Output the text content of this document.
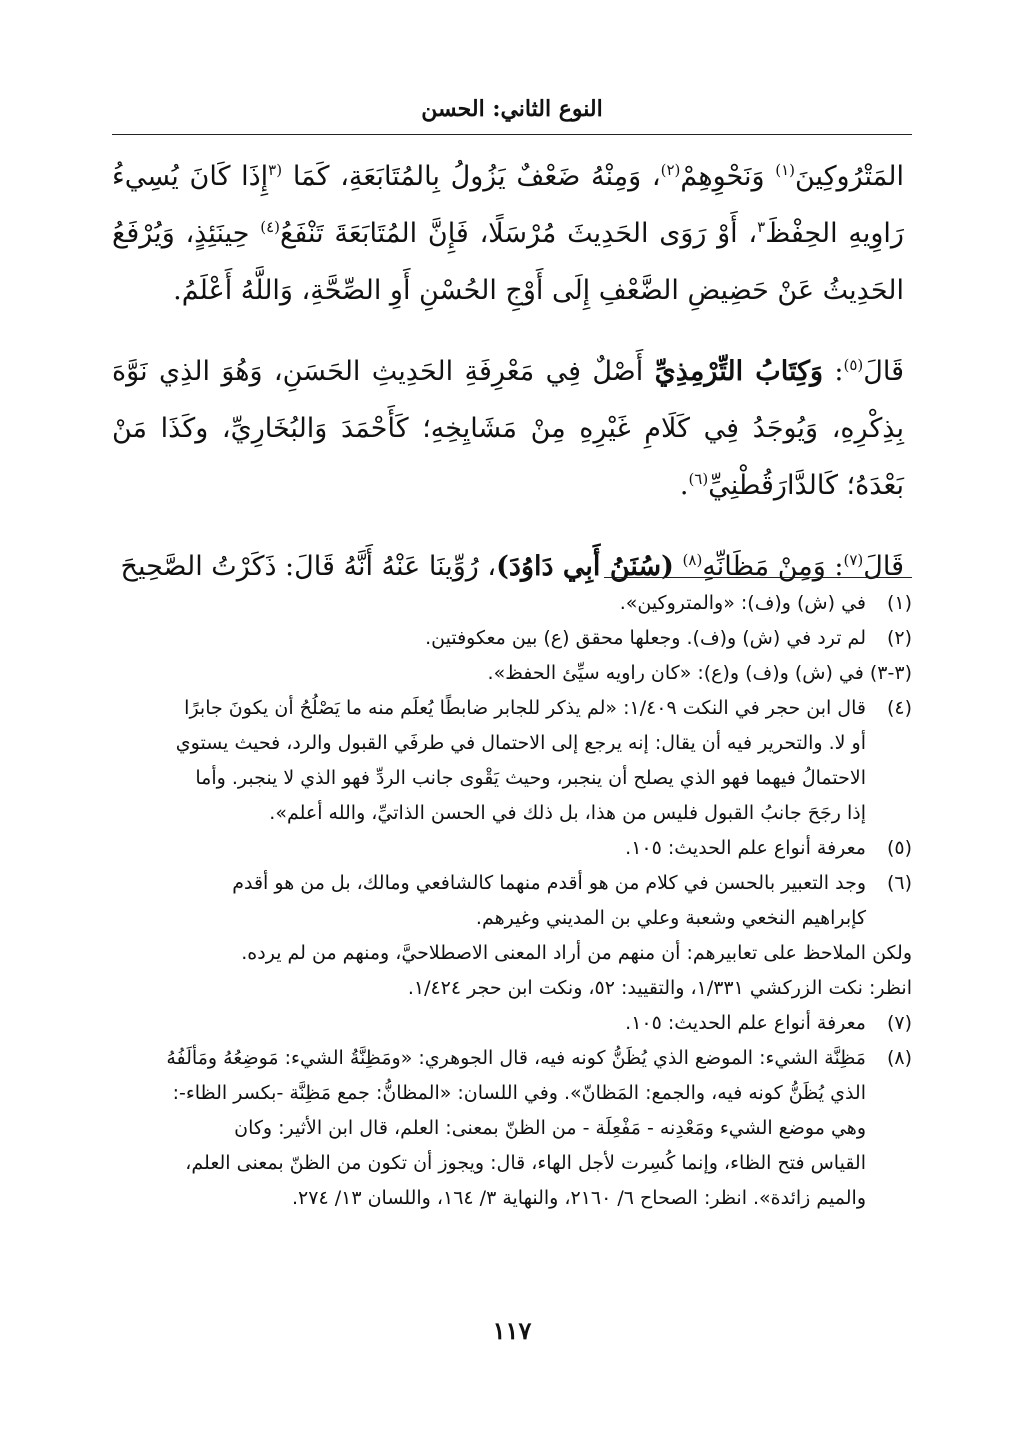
النوع الثاني: الحسن

المَتْرُوكِينَ$^{(١)}$ وَنَحْوِهِمْ$^{(٢)}$، وَمِنْهُ ضَعْفٌ يَزُولُ بِالمُتَابَعَةِ، كَمَا $^{(٣}$إِذَا كَانَ يُسِيءُ رَاوِيهِ الحِفْظَ$^٣$، أَوْ رَوَى الحَدِيثَ مُرْسَلًا، فَإِنَّ المُتَابَعَةَ تَنْفَعُ$^{(٤)}$ حِينَئِذٍ، وَيُرْفَعُ الحَدِيثُ عَنْ حَضِيضِ الضَّعْفِ إِلَى أَوْجِ الحُسْنِ أَوِ الصِّحَّةِ، وَاللَّهُ أَعْلَمُ.

قَالَ$^{(٥)}$: وَكِتَابُ التِّرْمِذِيِّ أَصْلٌ فِي مَعْرِفَةِ الحَدِيثِ الحَسَنِ، وَهُوَ الذِي نَوَّهَ بِذِكْرِهِ، وَيُوجَدُ فِي كَلَامِ غَيْرِهِ مِنْ مَشَايِخِهِ؛ كَأَحْمَدَ وَالبُخَارِيِّ، وكَذَا مَنْ بَعْدَهُ؛ كَالدَّارَقُطْنِيِّ$^{(٦)}$.

قَالَ$^{(٧)}$: وَمِنْ مَظَانِّهِ$^{(٨)}$ (سُنَنُ أَبِي دَاوُدَ)، رُوِّينَا عَنْهُ أَنَّهُ قَالَ: ذَكَرْتُ الصَّحِيحَ

(١)
في (ش) و(ف): «والمتروكين».
(٢)
لم ترد في (ش) و(ف). وجعلها محقق (ع) بين معكوفتين.
(٣-٣)
في (ش) و(ف) و(ع): «كان راويه سيِّئ الحفظ».
(٤)
قال ابن حجر في النكت ١/٤٠٩: «لم يذكر للجابر ضابطًا يُعلَم منه ما يَصْلُحُ أن يكونَ جابرًا
أو لا. والتحرير فيه أن يقال: إنه يرجع إلى الاحتمال في طرفَي القبول والرد، فحيث يستوي
الاحتمالُ فيهما فهو الذي يصلح أن ينجبر، وحيث يَقْوى جانب الردِّ فهو الذي لا ينجبر. وأما
إذا رجَحَ جانبُ القبول فليس من هذا، بل ذلك في الحسن الذاتيِّ، والله أعلم».
(٥)
معرفة أنواع علم الحديث: ١٠٥.
(٦)
وجد التعبير بالحسن في كلام من هو أقدم منهما كالشافعي ومالك، بل من هو أقدم
كإبراهيم النخعي وشعبة وعلي بن المديني وغيرهم.
ولكن الملاحظ على تعابيرهم: أن منهم من أراد المعنى الاصطلاحيَّ، ومنهم من لم يرده.
انظر: نكت الزركشي ١/٣٣١، والتقييد: ٥٢، ونكت ابن حجر ١/٤٢٤.
(٧)
معرفة أنواع علم الحديث: ١٠٥.
(٨)
مَظِنَّة الشيء: الموضع الذي يُظَنُّ كونه فيه، قال الجوهري: «ومَظِنَّةُ الشيء: مَوضِعُهُ ومَألَفُهُ
الذي يُظَنُّ كونه فيه، والجمع: المَظانّ». وفي اللسان: «المظانُّ: جمع مَظِنَّة -بكسر الظاء-:
وهي موضع الشيء ومَعْدِنه - مَفْعِلَة - من الظنّ بمعنى: العلم، قال ابن الأثير: وكان
القياس فتح الظاء، وإنما كُسِرت لأجل الهاء، قال: ويجوز أن تكون من الظنّ بمعنى العلم،
والميم زائدة». انظر: الصحاح ٦/ ٢١٦٠، والنهاية ٣/ ١٦٤، واللسان ١٣/ ٢٧٤.
١١٧
